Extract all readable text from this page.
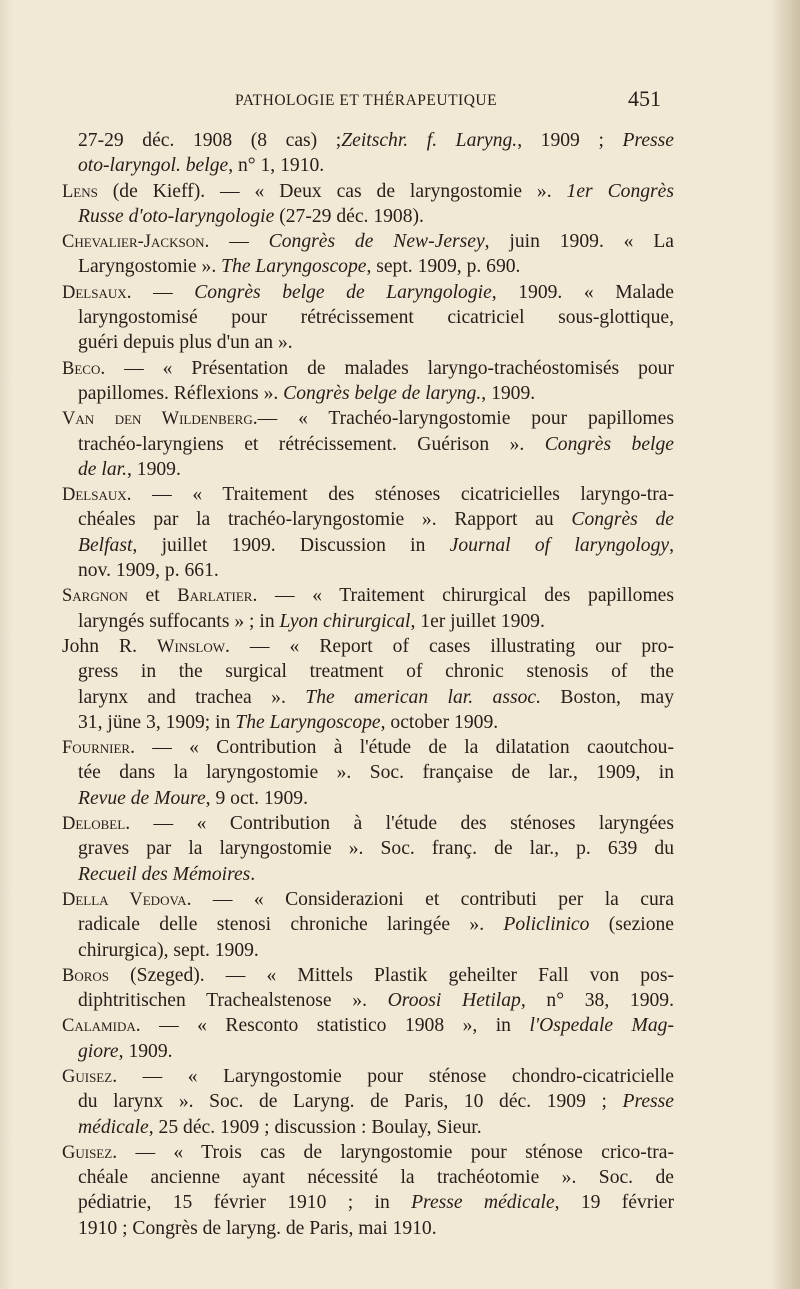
PATHOLOGIE ET THÉRAPEUTIQUE	451
27-29 déc. 1908 (8 cas) ;Zeitschr. f. Laryng., 1909 ; Presse
oto-laryngol. belge, n° 1, 1910.
Lens (de Kieff). — « Deux cas de laryngostomie ». 1er Congrès
Russe d'oto-laryngologie (27-29 déc. 1908).
Chevalier-Jackson. — Congrès de New-Jersey, juin 1909. « La
Laryngostomie ». The Laryngoscope, sept. 1909, p. 690.
Delsaux. — Congrès belge de Laryngologie, 1909. « Malade
laryngostomisé pour rétrécissement cicatriciel sous-glottique,
guéri depuis plus d'un an ».
Beco. — « Présentation de malades laryngo-trachéostomisés pour
papillomes. Réflexions ». Congrès belge de laryng., 1909.
Van den Wildenberg.— « Trachéo-laryngostomie pour papillomes
trachéo-laryngiens et rétrécissement. Guérison ». Congrès belge
de lar., 1909.
Delsaux. — « Traitement des sténoses cicatricielles laryngo-tra-
chéales par la trachéo-laryngostomie ». Rapport au Congrès de
Belfast, juillet 1909. Discussion in Journal of laryngology,
nov. 1909, p. 661.
Sargnon et Barlatier. — « Traitement chirurgical des papillomes
laryngés suffocants » ; in Lyon chirurgical, 1er juillet 1909.
John R. Winslow. — « Report of cases illustrating our pro-
gress in the surgical treatment of chronic stenosis of the
larynx and trachea ». The american lar. assoc. Boston, may
31, jüne 3, 1909; in The Laryngoscope, october 1909.
Fournier. — « Contribution à l'étude de la dilatation caoutchou-
tée dans la laryngostomie ». Soc. française de lar., 1909, in
Revue de Moure, 9 oct. 1909.
Delobel. — « Contribution à l'étude des sténoses laryngées
graves par la laryngostomie ». Soc. franç. de lar., p. 639 du
Recueil des Mémoires.
Della Vedova. — « Considerazioni et contributi per la cura
radicale delle stenosi chroniche laringée ». Policlinico (sezione
chirurgica), sept. 1909.
Boros (Szeged). — « Mittels Plastik geheilter Fall von pos-
diphtritischen Trachealstenose ». Oroosi Hetilap, n° 38, 1909.
Calamida. — « Resconto statistico 1908 », in l'Ospedale Mag-
giore, 1909.
Guisez. — « Laryngostomie pour sténose chondro-cicatricielle
du larynx ». Soc. de Laryng. de Paris, 10 déc. 1909 ; Presse
médicale, 25 déc. 1909 ; discussion : Boulay, Sieur.
Guisez. — « Trois cas de laryngostomie pour sténose crico-tra-
chéale ancienne ayant nécessité la trachéotomie ». Soc. de
pédiatrie, 15 février 1910 ; in Presse médicale, 19 février
1910 ; Congrès de laryng. de Paris, mai 1910.
